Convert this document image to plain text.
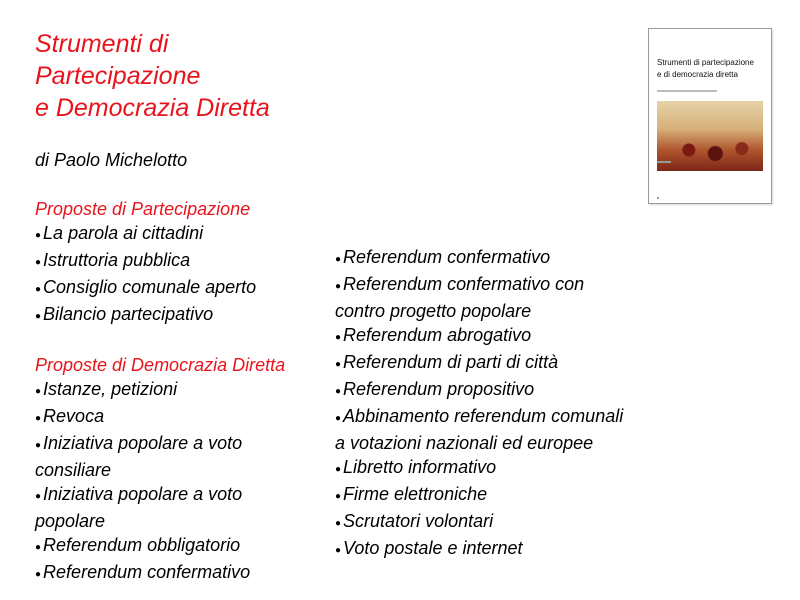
Strumenti di
Partecipazione
e Democrazia Diretta
di Paolo Michelotto
Proposte di Partecipazione
● La parola ai cittadini
● Istruttoria pubblica
● Consiglio comunale aperto
● Bilancio partecipativo
Proposte di Democrazia Diretta
● Istanze, petizioni
● Revoca
● Iniziativa popolare a voto consiliare
● Iniziativa popolare a voto popolare
● Referendum obbligatorio
● Referendum confermativo
● Referendum confermativo
● Referendum confermativo con contro progetto popolare
● Referendum abrogativo
● Referendum di parti di città
● Referendum propositivo
● Abbinamento referendum comunali a votazioni nazionali ed europee
● Libretto informativo
● Firme elettroniche
● Scrutatori volontari
● Voto postale e internet
Strumenti di partecipazione
e di democrazia diretta
